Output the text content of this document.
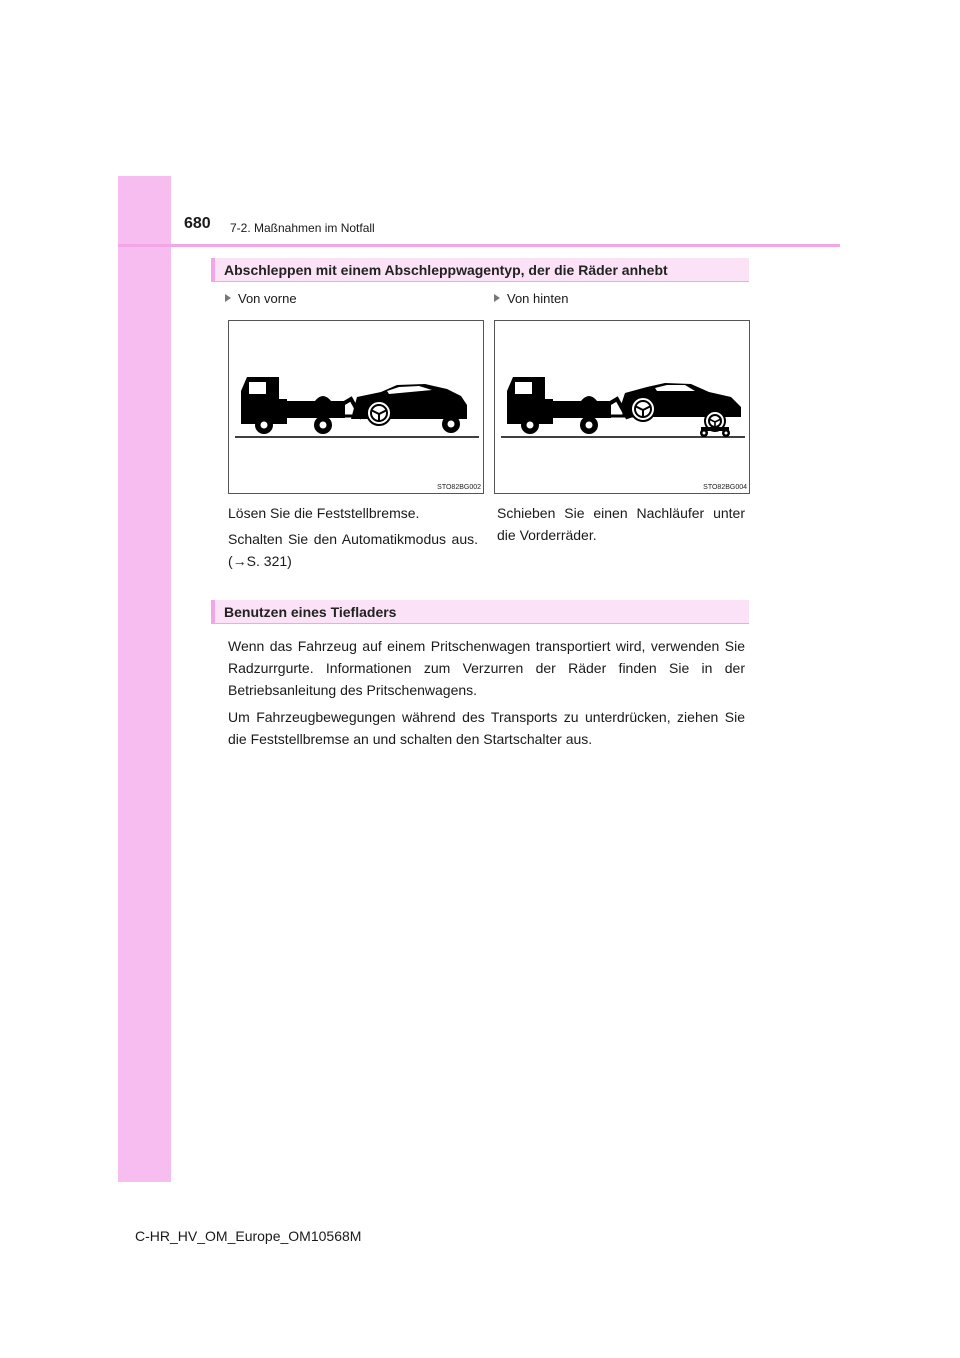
680 7-2. Maßnahmen im Notfall
Abschleppen mit einem Abschleppwagentyp, der die Räder anhebt
Von vorne	Von hinten
STO82BG002	STO82BG004
Lösen Sie die Feststellbremse.
Schalten Sie den Automatikmodus aus. (→S. 321)
Schieben Sie einen Nachläufer unter die Vorderräder.
Benutzen eines Tiefladers
Wenn das Fahrzeug auf einem Pritschenwagen transportiert wird, verwenden Sie Radzurrgurte. Informationen zum Verzurren der Räder finden Sie in der Betriebsanleitung des Pritschenwagens.
Um Fahrzeugbewegungen während des Transports zu unterdrücken, ziehen Sie die Feststellbremse an und schalten den Startschalter aus.
C-HR_HV_OM_Europe_OM10568M
